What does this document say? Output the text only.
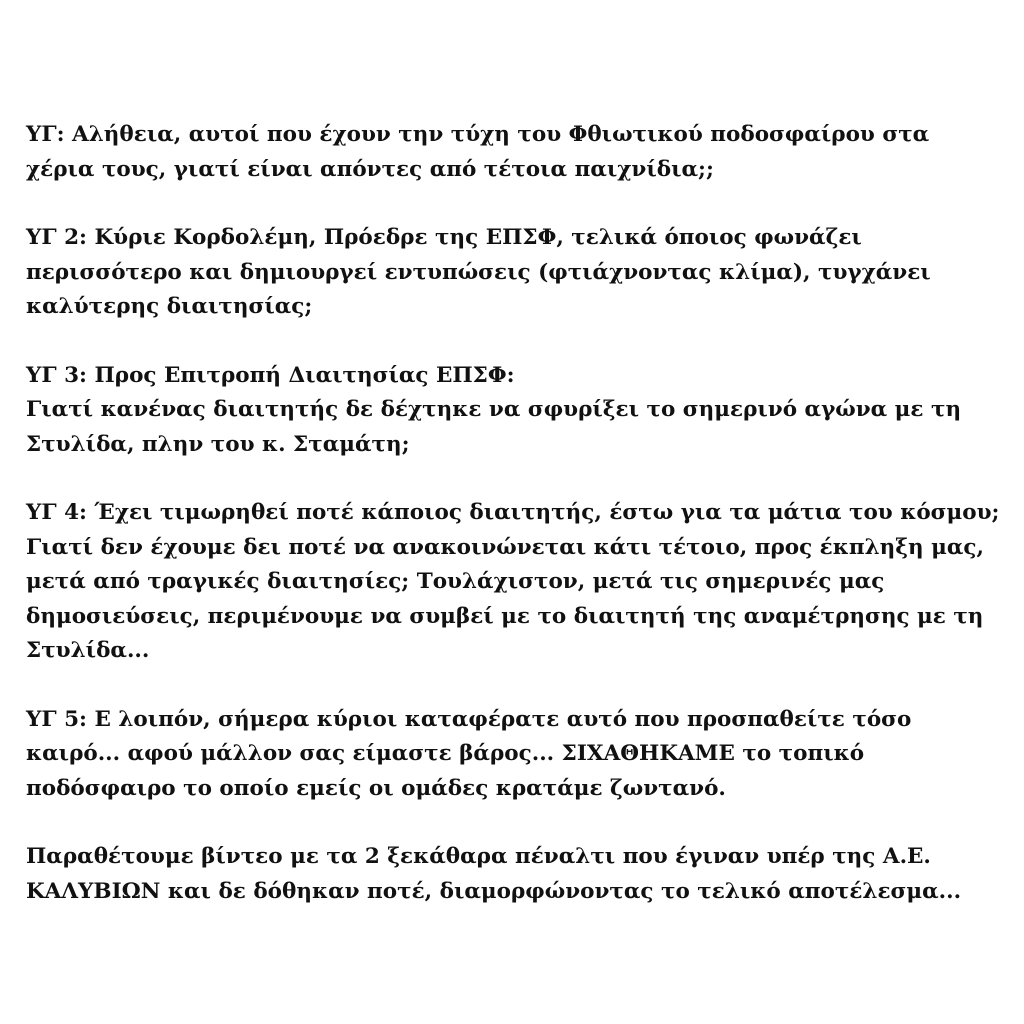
ΥΓ: Αλήθεια, αυτοί που έχουν την τύχη του Φθιωτικού ποδοσφαίρου στα
χέρια τους, γιατί είναι απόντες από τέτοια παιχνίδια;;

ΥΓ 2: Κύριε Κορδολέμη, Πρόεδρε της ΕΠΣΦ, τελικά όποιος φωνάζει
περισσότερο και δημιουργεί εντυπώσεις (φτιάχνοντας κλίμα), τυγχάνει
καλύτερης διαιτησίας;

ΥΓ 3: Προς Επιτροπή Διαιτησίας ΕΠΣΦ:
Γιατί κανένας διαιτητής δε δέχτηκε να σφυρίξει το σημερινό αγώνα με τη
Στυλίδα, πλην του κ. Σταμάτη;

ΥΓ 4: Έχει τιμωρηθεί ποτέ κάποιος διαιτητής, έστω για τα μάτια του κόσμου;
Γιατί δεν έχουμε δει ποτέ να ανακοινώνεται κάτι τέτοιο, προς έκπληξη μας,
μετά από τραγικές διαιτησίες; Τουλάχιστον, μετά τις σημερινές μας
δημοσιεύσεις, περιμένουμε να συμβεί με το διαιτητή της αναμέτρησης με τη
Στυλίδα...

ΥΓ 5: Ε λοιπόν, σήμερα κύριοι καταφέρατε αυτό που προσπαθείτε τόσο
καιρό... αφού μάλλον σας είμαστε βάρος... ΣΙΧΑΘΗΚΑΜΕ το τοπικό
ποδόσφαιρο το οποίο εμείς οι ομάδες κρατάμε ζωντανό.

Παραθέτουμε βίντεο με τα 2 ξεκάθαρα πέναλτι που έγιναν υπέρ της Α.Ε.
ΚΑΛΥΒΙΩΝ και δε δόθηκαν ποτέ, διαμορφώνοντας το τελικό αποτέλεσμα...
